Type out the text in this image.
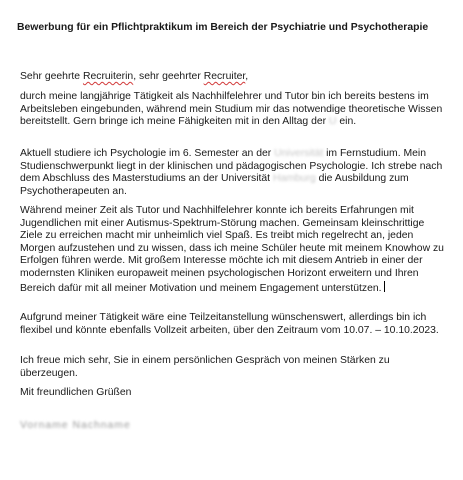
Bewerbung für ein Pflichtpraktikum im Bereich der Psychiatrie und Psychotherapie

Sehr geehrte Recruiterin, sehr geehrter Recruiter,

durch meine langjährige Tätigkeit als Nachhilfelehrer und Tutor bin ich bereits bestens im Arbeitsleben eingebunden, während mein Studium mir das notwendige theoretische Wissen bereitstellt. Gern bringe ich meine Fähigkeiten mit in den Alltag der U ein.

Aktuell studiere ich Psychologie im 6. Semester an der Universität im Fernstudium. Mein Studienschwerpunkt liegt in der klinischen und pädagogischen Psychologie. Ich strebe nach dem Abschluss des Masterstudiums an der Universität Hamburg die Ausbildung zum Psychotherapeuten an.

Während meiner Zeit als Tutor und Nachhilfelehrer konnte ich bereits Erfahrungen mit Jugendlichen mit einer Autismus-Spektrum-Störung machen. Gemeinsam kleinschrittige Ziele zu erreichen macht mir unheimlich viel Spaß. Es treibt mich regelrecht an, jeden Morgen aufzustehen und zu wissen, dass ich meine Schüler heute mit meinem Knowhow zu Erfolgen führen werde. Mit großem Interesse möchte ich mit diesem Antrieb in einer der modernsten Kliniken europaweit meinen psychologischen Horizont erweitern und Ihren Bereich dafür mit all meiner Motivation und meinem Engagement unterstützen.

Aufgrund meiner Tätigkeit wäre eine Teilzeitanstellung wünschenswert, allerdings bin ich flexibel und könnte ebenfalls Vollzeit arbeiten, über den Zeitraum vom 10.07. – 10.10.2023.

Ich freue mich sehr, Sie in einem persönlichen Gespräch von meinen Stärken zu überzeugen.

Mit freundlichen Grüßen

Vorname Nachname
